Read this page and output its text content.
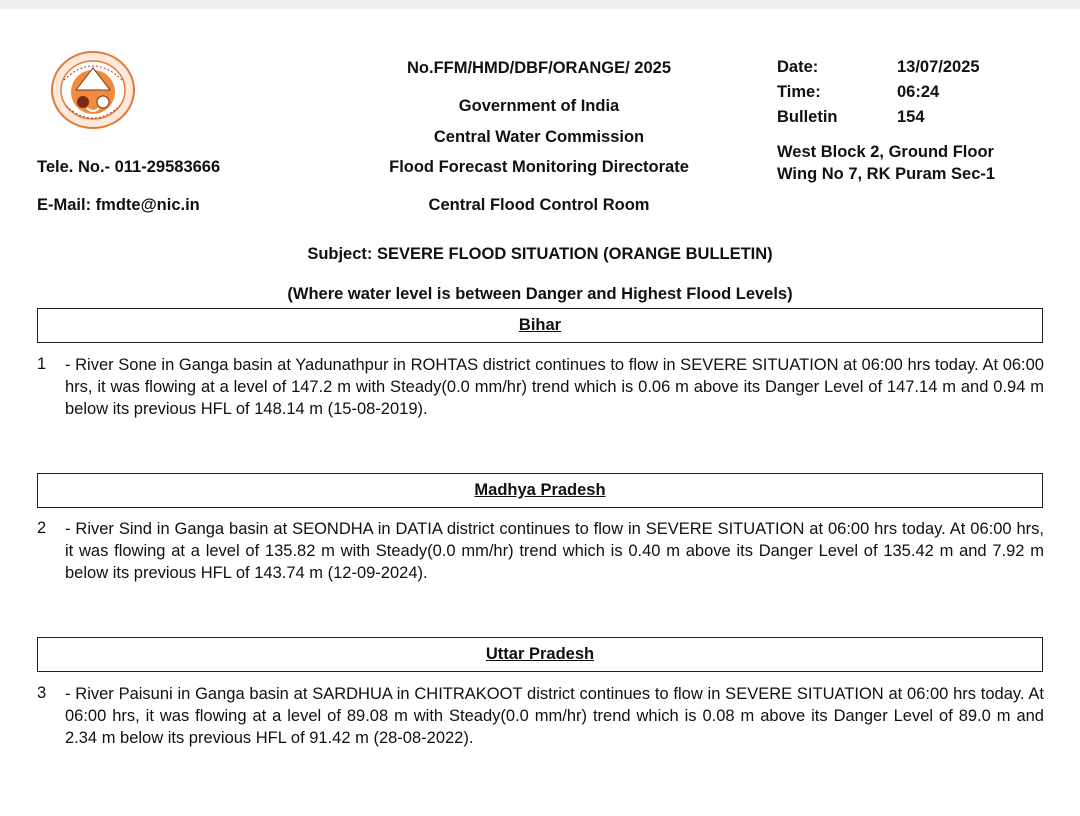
No.FFM/HMD/DBF/ORANGE/ 2025
Government of India
Central Water Commission
Flood Forecast Monitoring Directorate
Central Flood Control Room
Tele. No.- 011-29583666
E-Mail: fmdte@nic.in
Date:	13/07/2025
Time:	06:24
Bulletin	154
West Block 2, Ground Floor
Wing No 7, RK Puram Sec-1
Subject: SEVERE FLOOD SITUATION (ORANGE BULLETIN)
(Where water level is between Danger and Highest Flood Levels)
Bihar
1 - River Sone in Ganga basin at Yadunathpur in ROHTAS district continues to flow in SEVERE SITUATION at 06:00 hrs today. At 06:00 hrs, it was flowing at a level of 147.2 m with Steady(0.0 mm/hr) trend which is 0.06 m above its Danger Level of 147.14 m and 0.94 m below its previous HFL of 148.14 m (15-08-2019).
Madhya Pradesh
2 - River Sind in Ganga basin at SEONDHA in DATIA district continues to flow in SEVERE SITUATION at 06:00 hrs today. At 06:00 hrs, it was flowing at a level of 135.82 m with Steady(0.0 mm/hr) trend which is 0.40 m above its Danger Level of 135.42 m and 7.92 m below its previous HFL of 143.74 m (12-09-2024).
Uttar Pradesh
3 - River Paisuni in Ganga basin at SARDHUA in CHITRAKOOT district continues to flow in SEVERE SITUATION at 06:00 hrs today. At 06:00 hrs, it was flowing at a level of 89.08 m with Steady(0.0 mm/hr) trend which is 0.08 m above its Danger Level of 89.0 m and 2.34 m below its previous HFL of 91.42 m (28-08-2022).
